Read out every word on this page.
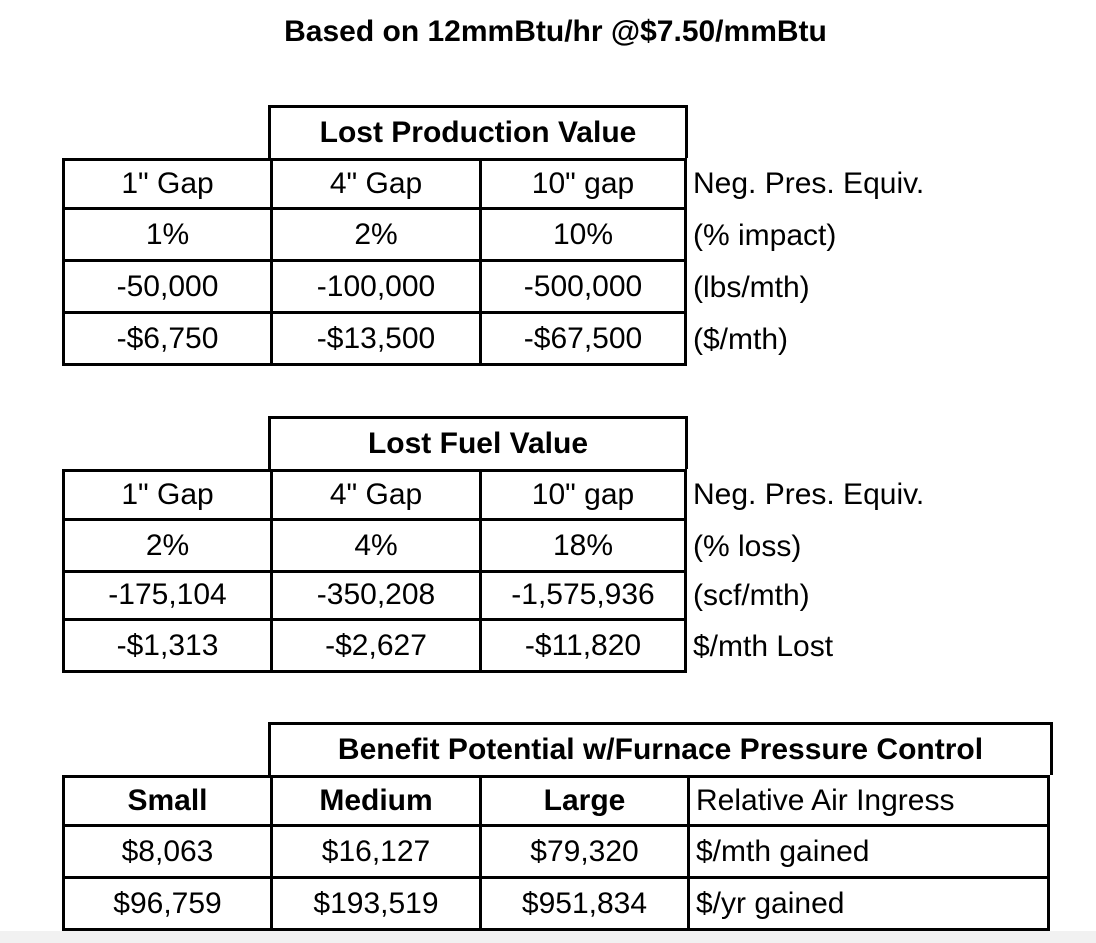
Based on 12mmBtu/hr @$7.50/mmBtu
Lost Production Value
1" Gap	4" Gap	10" gap	Neg. Pres. Equiv.
1%	2%	10%	(% impact)
-50,000	-100,000	-500,000	(lbs/mth)
-$6,750	-$13,500	-$67,500	($/mth)
Lost Fuel Value
1" Gap	4" Gap	10" gap	Neg. Pres. Equiv.
2%	4%	18%	(% loss)
-175,104	-350,208	-1,575,936	(scf/mth)
-$1,313	-$2,627	-$11,820	$/mth Lost
Benefit Potential w/Furnace Pressure Control
Small	Medium	Large	Relative Air Ingress
$8,063	$16,127	$79,320	$/mth gained
$96,759	$193,519	$951,834	$/yr gained
